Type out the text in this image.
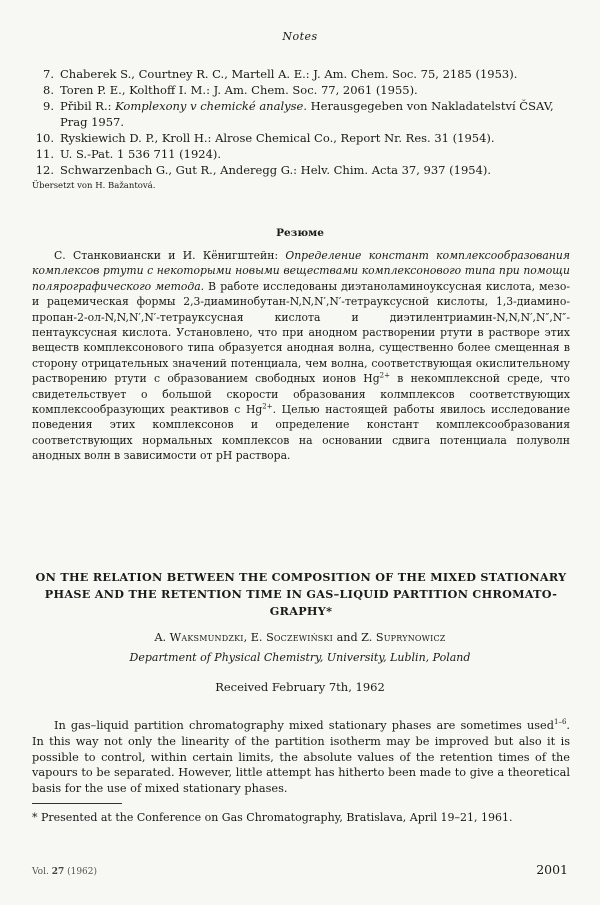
Notes
7. Chaberek S., Courtney R. C., Martell A. E.: J. Am. Chem. Soc. 75, 2185 (1953).
8. Toren P. E., Kolthoff I. M.: J. Am. Chem. Soc. 77, 2061 (1955).
9. Přibil R.: Komplexony v chemické analyse. Herausgegeben von Nakladatelství ČSAV, Prag 1957.
10. Ryskiewich D. P., Kroll H.: Alrose Chemical Co., Report Nr. Res. 31 (1954).
11. U. S.-Pat. 1 536 711 (1924).
12. Schwarzenbach G., Gut R., Anderegg G.: Helv. Chim. Acta 37, 937 (1954).
Übersetzt von H. Bažantová.
Резюме

С. Станковиански и И. Кёнигштейн: Определение констант комплексообразования комплексов ртути с некоторыми новыми веществами комплексонового типа при помощи полярографического метода. В работе исследованы диэтаноламиноуксусная кислота, мезо- и рацемическая формы 2,3-диаминобутан-N,N,N′,N′-тетрауксусной кислоты, 1,3-диамино-пропан-2-ол-N,N,N′,N′-тетрауксусная кислота и диэтилентриамин-N,N,N′,N″,N″-пентауксусная кислота. Установлено, что при анодном растворении ртути в растворе этих веществ комплексонового типа образуется анодная волна, существенно более смещенная в сторону отрицательных значений потенциала, чем волна, соответствующая окислительному растворению ртути с образованием свободных ионов $Hg^{2+}$ в некомплексной среде, что свидетельствует о большой скорости образования колмплексов соответствующих комплексообразующих реактивов с $Hg^{2+}$. Целью настоящей работы явилось исследование поведения этих комплексонов и определение констант комплексообразования соответствующих нормальных комплексов на основании сдвига потенциала полуволн анодных волн в зависимости от pH раствора.

ON THE RELATION BETWEEN THE COMPOSITION OF THE MIXED STATIONARY
PHASE AND THE RETENTION TIME IN GAS–LIQUID PARTITION CHROMATO-
GRAPHY*
A. Waksmundzki, E. Soczewiński and Z. Suprynowicz
Department of Physical Chemistry, University, Lublin, Poland
Received February 7th, 1962

In gas–liquid partition chromatography mixed stationary phases are sometimes used$^{1-6}$. In this way not only the linearity of the partition isotherm may be improved but also it is possible to control, within certain limits, the absolute values of the retention times of the vapours to be separated. However, little attempt has hitherto been made to give a theoretical basis for the use of mixed stationary phases.

* Presented at the Conference on Gas Chromatography, Bratislava, April 19–21, 1961.
Vol. 27 (1962)	2001
